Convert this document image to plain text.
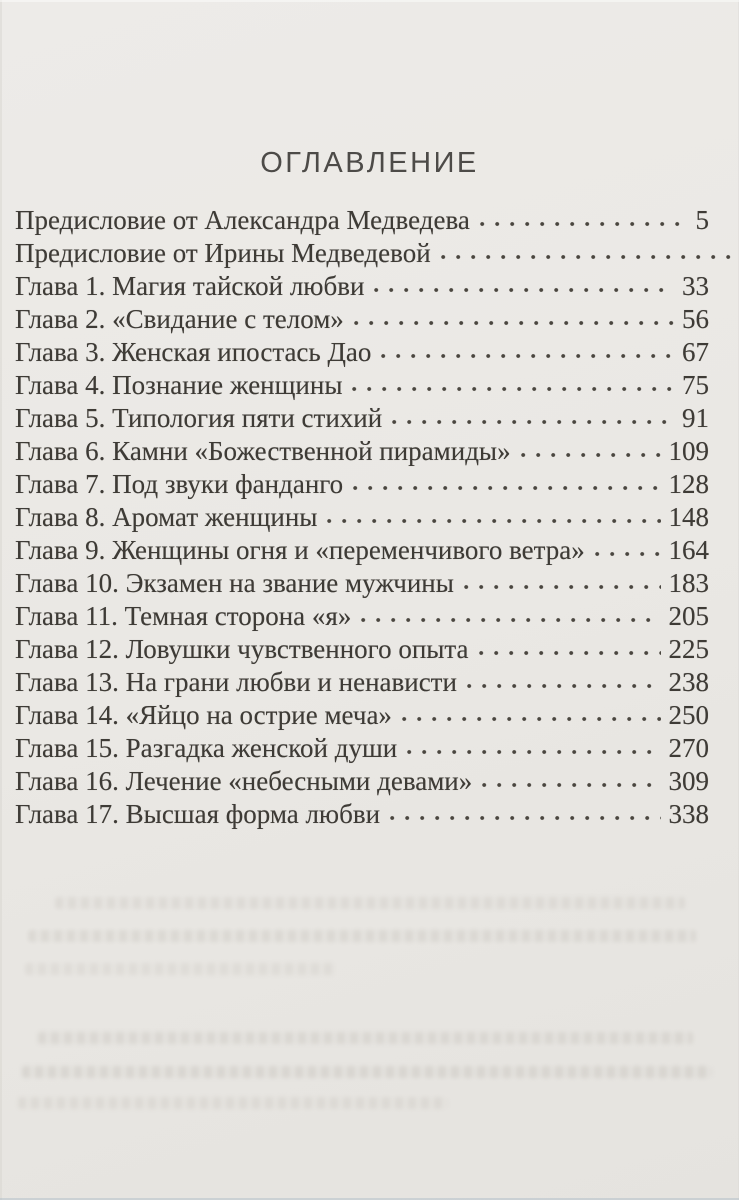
ОГЛАВЛЕНИЕ
Предисловие от Александра Медведева	5
Предисловие от Ирины Медведевой
Глава 1. Магия тайской любви	33
Глава 2. «Свидание с телом»	56
Глава 3. Женская ипостась Дао	67
Глава 4. Познание женщины	75
Глава 5. Типология пяти стихий	91
Глава 6. Камни «Божественной пирамиды»	109
Глава 7. Под звуки фанданго	128
Глава 8. Аромат женщины	148
Глава 9. Женщины огня и «переменчивого ветра»	164
Глава 10. Экзамен на звание мужчины	183
Глава 11. Темная сторона «я»	205
Глава 12. Ловушки чувственного опыта	225
Глава 13. На грани любви и ненависти	238
Глава 14. «Яйцо на острие меча»	250
Глава 15. Разгадка женской души	270
Глава 16. Лечение «небесными девами»	309
Глава 17. Высшая форма любви	338
